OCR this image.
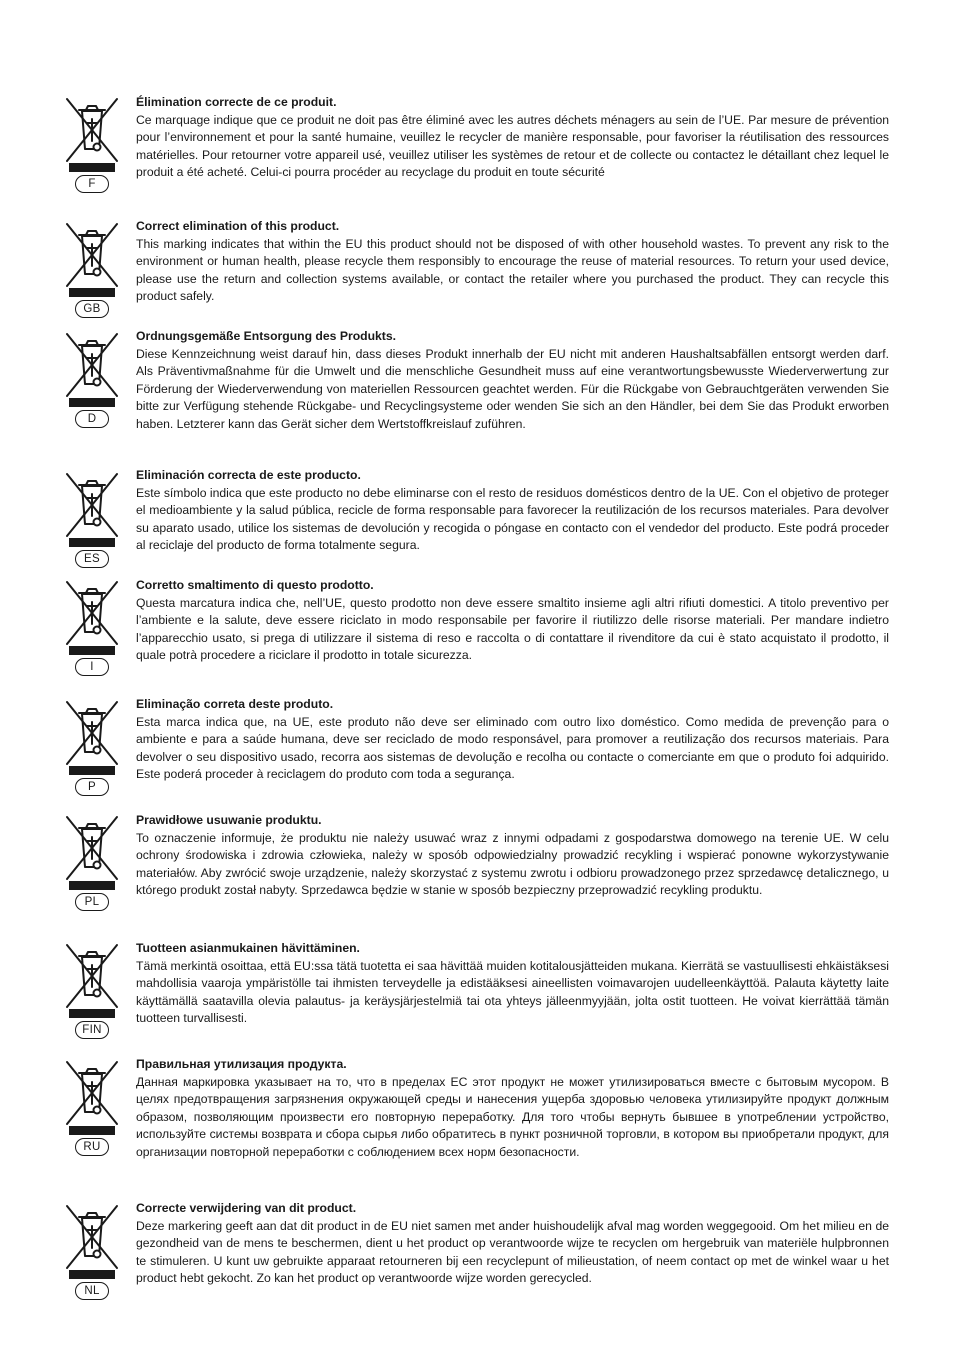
F

Élimination correcte de ce produit.

Ce marquage indique que ce produit ne doit pas être éliminé avec les autres déchets ménagers au sein de l’UE. Par mesure de prévention pour l’environnement et pour la santé humaine, veuillez le recycler de manière responsable, pour favoriser la réutilisation des ressources matérielles. Pour retourner votre appareil usé, veuillez utiliser les systèmes de retour et de collecte ou contactez le détaillant chez lequel le produit a été acheté. Celui-ci pourra procéder au recyclage du produit en toute sécurité

GB

Correct elimination of this product.

This marking indicates that within the EU this product should not be disposed of with other household wastes. To prevent any risk to the environment or human health, please recycle them responsibly to encourage the reuse of material resources. To return your used device, please use the return and collection systems available, or contact the retailer where you purchased the product. They can recycle this product safely.

D

Ordnungsgemäße Entsorgung des Produkts.

Diese Kennzeichnung weist darauf hin, dass dieses Produkt innerhalb der EU nicht mit anderen Haushaltsabfällen entsorgt werden darf. Als Präventivmaßnahme für die Umwelt und die menschliche Gesundheit muss auf eine verantwortungsbewusste Wiederverwertung zur Förderung der Wiederverwendung von materiellen Ressourcen geachtet werden. Für die Rückgabe von Gebrauchtgeräten verwenden Sie bitte zur Verfügung stehende Rückgabe- und Recyclingsysteme oder wenden Sie sich an den Händler, bei dem Sie das Produkt erworben haben. Letzterer kann das Gerät sicher dem Wertstoffkreislauf zuführen.

ES

Eliminación correcta de este producto.

Este símbolo indica que este producto no debe eliminarse con el resto de residuos domésticos dentro de la UE. Con el objetivo de proteger el medioambiente y la salud pública, recicle de forma responsable para favorecer la reutilización de los recursos materiales. Para devolver su aparato usado, utilice los sistemas de devolución y recogida o póngase en contacto con el vendedor del producto. Este podrá proceder al reciclaje del producto de forma totalmente segura.

I

Corretto smaltimento di questo prodotto.

Questa marcatura indica che, nell’UE, questo prodotto non deve essere smaltito insieme agli altri rifiuti domestici. A titolo preventivo per l’ambiente e la salute, deve essere riciclato in modo responsabile per favorire il riutilizzo delle risorse materiali. Per mandare indietro l’apparecchio usato, si prega di utilizzare il sistema di reso e raccolta o di contattare il rivenditore da cui è stato acquistato il prodotto, il quale potrà procedere a riciclare il prodotto in totale sicurezza.

P

Eliminação correta deste produto.

Esta marca indica que, na UE, este produto não deve ser eliminado com outro lixo doméstico. Como medida de prevenção para o ambiente e para a saúde humana, deve ser reciclado de modo responsável, para promover a reutilização dos recursos materiais. Para devolver o seu dispositivo usado, recorra aos sistemas de devolução e recolha ou contacte o comerciante em que o produto foi adquirido. Este poderá proceder à reciclagem do produto com toda a segurança.

PL

Prawidłowe usuwanie produktu.

To oznaczenie informuje, że produktu nie należy usuwać wraz z innymi odpadami z gospodarstwa domowego na terenie UE. W celu ochrony środowiska i zdrowia człowieka, należy w sposób odpowiedzialny prowadzić recykling i wspierać ponowne wykorzystywanie materiałów. Aby zwrócić swoje urządzenie, należy skorzystać z systemu zwrotu i odbioru prowadzonego przez sprzedawcę detalicznego, u którego produkt został nabyty. Sprzedawca będzie w stanie w sposób bezpieczny przeprowadzić recykling produktu.

FIN

Tuotteen asianmukainen hävittäminen.

Tämä merkintä osoittaa, että EU:ssa tätä tuotetta ei saa hävittää muiden kotitalousjätteiden mukana. Kierrätä se vastuullisesti ehkäistäksesi mahdollisia vaaroja ympäristölle tai ihmisten terveydelle ja edistääksesi aineellisten voimavarojen uudelleenkäyttöä. Palauta käytetty laite käyttämällä saatavilla olevia palautus- ja keräysjärjestelmiä tai ota yhteys jälleenmyyjään, jolta ostit tuotteen. He voivat kierrättää tämän tuotteen turvallisesti.

RU

Правильная утилизация продукта.

Данная маркировка указывает на то, что в пределах ЕС этот продукт не может утилизироваться вместе с бытовым мусором. В целях предотвращения загрязнения окружающей среды и нанесения ущерба здоровью человека утилизируйте продукт должным образом, позволяющим произвести его повторную переработку. Для того чтобы вернуть бывшее в употреблении устройство, используйте системы возврата и сбора сырья либо обратитесь в пункт розничной торговли, в котором вы приобретали продукт, для организации повторной переработки с соблюдением всех норм безопасности.

NL

Correcte verwijdering van dit product.

Deze markering geeft aan dat dit product in de EU niet samen met ander huishoudelijk afval mag worden weggegooid. Om het milieu en de gezondheid van de mens te beschermen, dient u het product op verantwoorde wijze te recyclen om hergebruik van materiële hulpbronnen te stimuleren. U kunt uw gebruikte apparaat retourneren bij een recyclepunt of milieustation, of neem contact op met de winkel waar u het product hebt gekocht. Zo kan het product op verantwoorde wijze worden gerecycled.
